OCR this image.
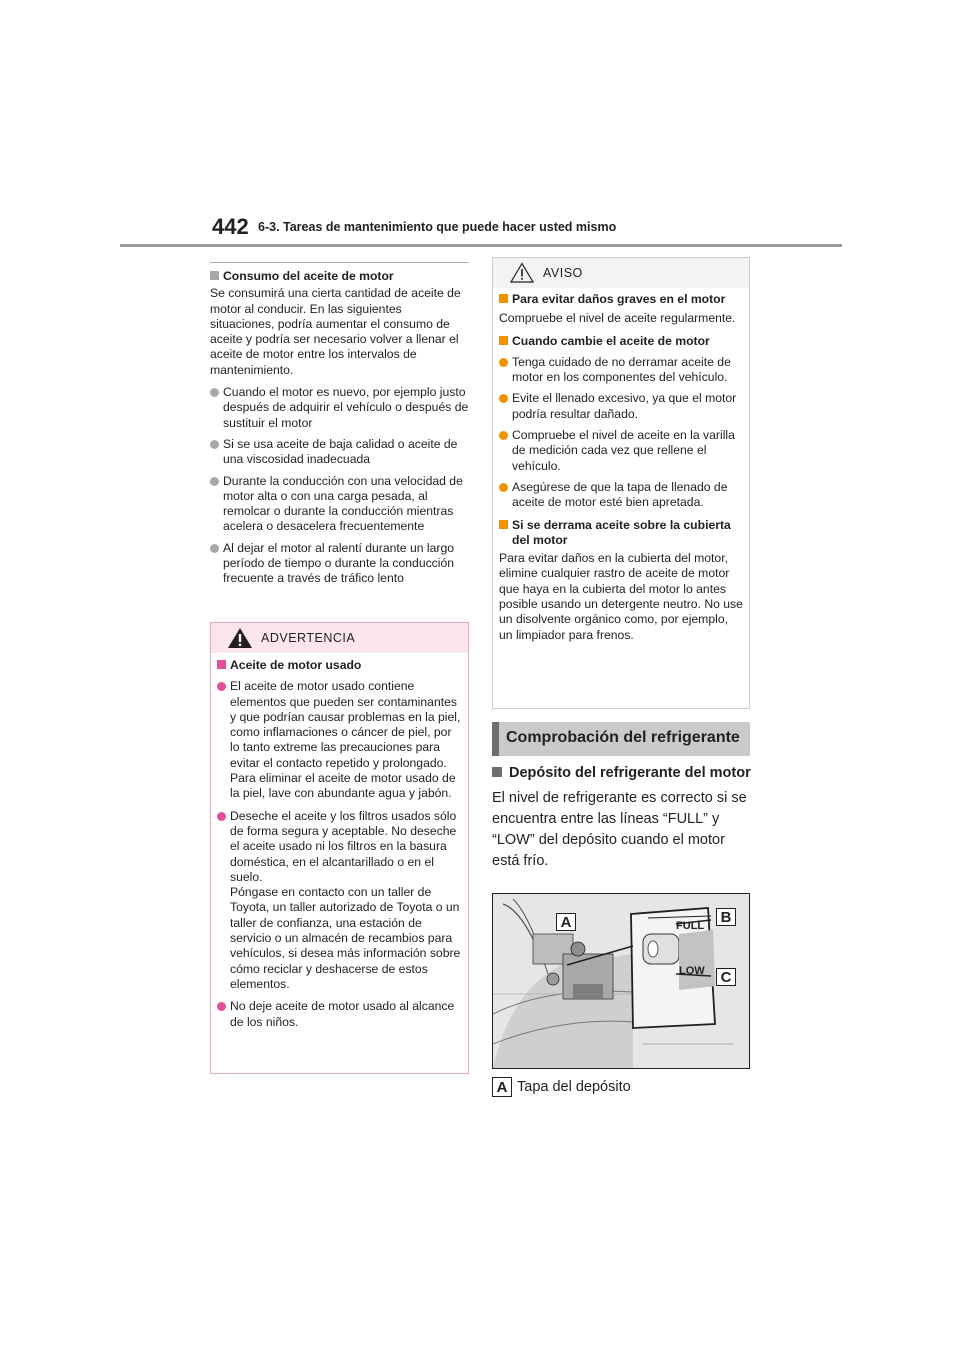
442 6-3. Tareas de mantenimiento que puede hacer usted mismo
Consumo del aceite de motor

Se consumirá una cierta cantidad de aceite de motor al conducir. En las siguientes situaciones, podría aumentar el consumo de aceite y podría ser necesario volver a llenar el aceite de motor entre los intervalos de mantenimiento.

Cuando el motor es nuevo, por ejemplo justo después de adquirir el vehículo o después de sustituir el motor
Si se usa aceite de baja calidad o aceite de una viscosidad inadecuada
Durante la conducción con una velocidad de motor alta o con una carga pesada, al remolcar o durante la conducción mientras acelera o desacelera frecuentemente
Al dejar el motor al ralentí durante un largo período de tiempo o durante la conducción frecuente a través de tráfico lento
ADVERTENCIA
Aceite de motor usado
El aceite de motor usado contiene elementos que pueden ser contaminantes y que podrían causar problemas en la piel, como inflamaciones o cáncer de piel, por lo tanto extreme las precauciones para evitar el contacto repetido y prolongado. Para eliminar el aceite de motor usado de la piel, lave con abundante agua y jabón.
Deseche el aceite y los filtros usados sólo de forma segura y aceptable. No deseche el aceite usado ni los filtros en la basura doméstica, en el alcantarillado o en el suelo.
Póngase en contacto con un taller de Toyota, un taller autorizado de Toyota o un taller de confianza, una estación de servicio o un almacén de recambios para vehículos, si desea más información sobre cómo reciclar y deshacerse de estos elementos.
No deje aceite de motor usado al alcance de los niños.
AVISO
Para evitar daños graves en el motor

Compruebe el nivel de aceite regularmente.

Cuando cambie el aceite de motor
Tenga cuidado de no derramar aceite de motor en los componentes del vehículo.
Evite el llenado excesivo, ya que el motor podría resultar dañado.
Compruebe el nivel de aceite en la varilla de medición cada vez que rellene el vehículo.
Asegúrese de que la tapa de llenado de aceite de motor esté bien apretada.
Si se derrama aceite sobre la cubierta del motor

Para evitar daños en la cubierta del motor, elimine cualquier rastro de aceite de motor que haya en la cubierta del motor lo antes posible usando un detergente neutro. No use un disolvente orgánico como, por ejemplo, un limpiador para frenos.

Comprobación del refrigerante
Depósito del refrigerante del motor

El nivel de refrigerante es correcto si se encuentra entre las líneas “FULL” y “LOW” del depósito cuando el motor está frío.

FULL
LOW
A	B
C
A Tapa del depósito
